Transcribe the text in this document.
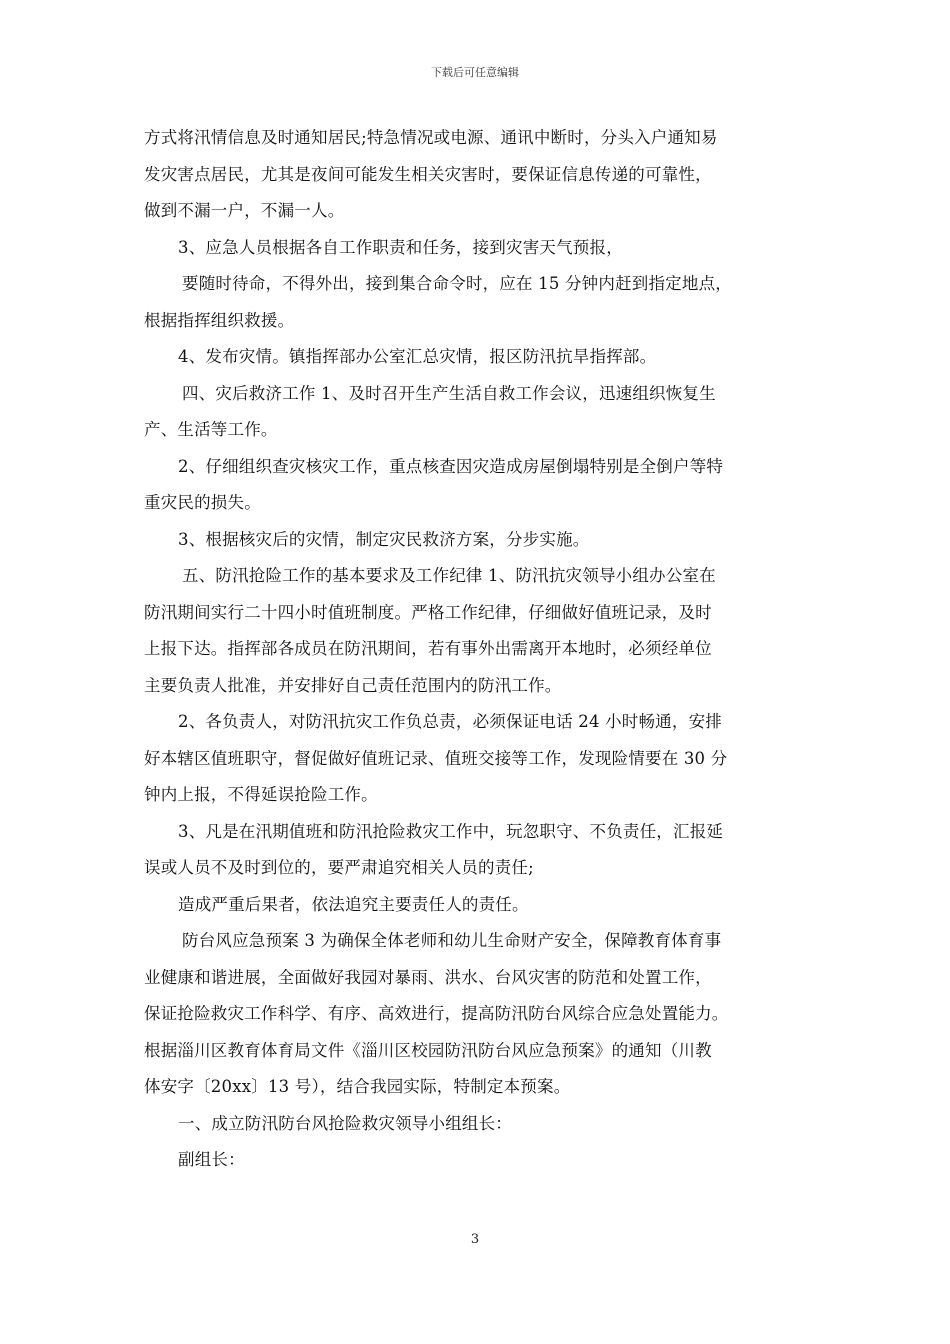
下载后可任意编辑
方式将汛情信息及时通知居民;特急情况或电源、通讯中断时，分头入户通知易
发灾害点居民，尤其是夜间可能发生相关灾害时，要保证信息传递的可靠性，
做到不漏一户，不漏一人。
3、应急人员根据各自工作职责和任务，接到灾害天气预报，
要随时待命，不得外出，接到集合命令时，应在 15 分钟内赶到指定地点，
根据指挥组织救援。
4、发布灾情。镇指挥部办公室汇总灾情，报区防汛抗旱指挥部。
四、灾后救济工作 1、及时召开生产生活自救工作会议，迅速组织恢复生
产、生活等工作。
2、仔细组织查灾核灾工作，重点核查因灾造成房屋倒塌特别是全倒户等特
重灾民的损失。
3、根据核灾后的灾情，制定灾民救济方案，分步实施。
五、防汛抢险工作的基本要求及工作纪律 1、防汛抗灾领导小组办公室在
防汛期间实行二十四小时值班制度。严格工作纪律，仔细做好值班记录，及时
上报下达。指挥部各成员在防汛期间，若有事外出需离开本地时，必须经单位
主要负责人批准，并安排好自己责任范围内的防汛工作。
2、各负责人，对防汛抗灾工作负总责，必须保证电话 24 小时畅通，安排
好本辖区值班职守，督促做好值班记录、值班交接等工作，发现险情要在 30 分
钟内上报，不得延误抢险工作。
3、凡是在汛期值班和防汛抢险救灾工作中，玩忽职守、不负责任，汇报延
误或人员不及时到位的，要严肃追究相关人员的责任;
造成严重后果者，依法追究主要责任人的责任。
防台风应急预案 3 为确保全体老师和幼儿生命财产安全，保障教育体育事
业健康和谐进展，全面做好我园对暴雨、洪水、台风灾害的防范和处置工作，
保证抢险救灾工作科学、有序、高效进行，提高防汛防台风综合应急处置能力。
根据淄川区教育体育局文件《淄川区校园防汛防台风应急预案》的通知（川教
体安字〔20xx〕13 号），结合我园实际，特制定本预案。
一、成立防汛防台风抢险救灾领导小组组长：
副组长：
3
